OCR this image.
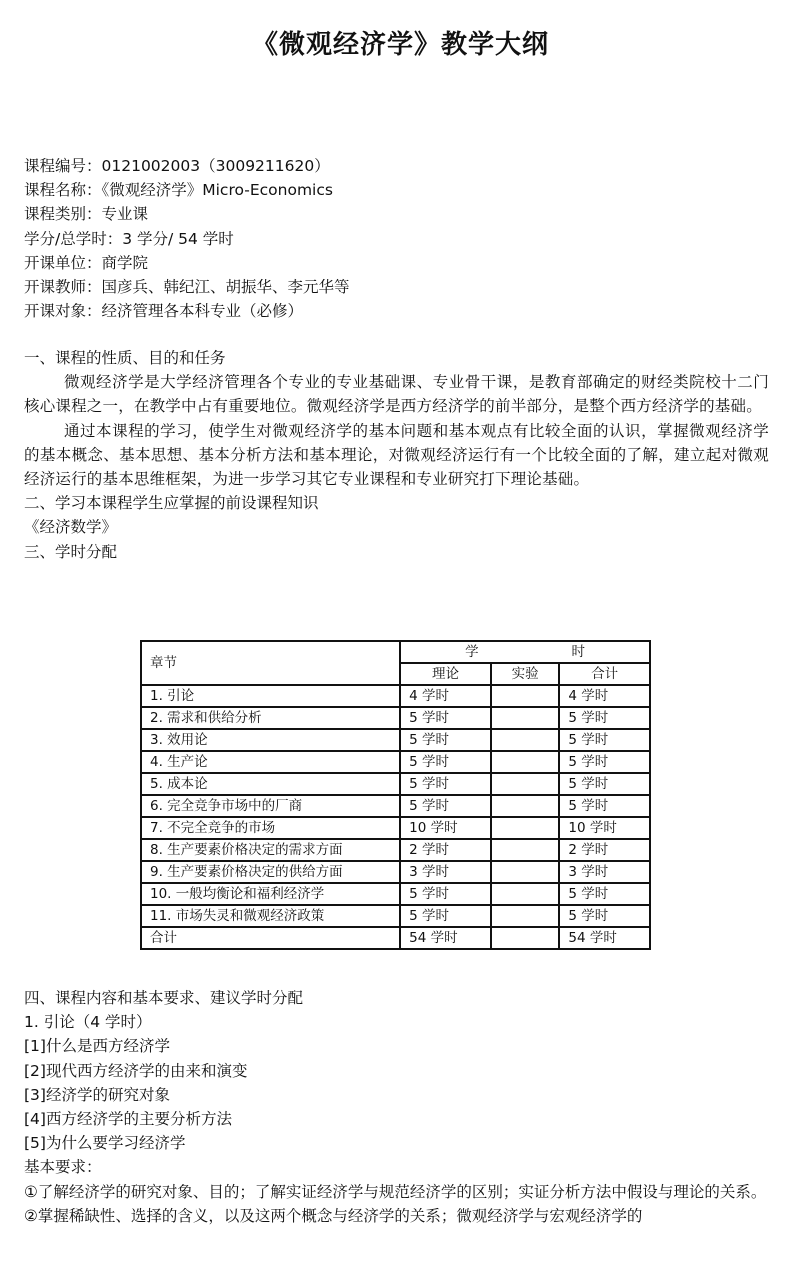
《微观经济学》教学大纲
课程编号：0121002003（3009211620）
课程名称：《微观经济学》Micro-Economics
课程类别：专业课
学分/总学时：3 学分/ 54 学时
开课单位：商学院
开课教师：国彦兵、韩纪江、胡振华、李元华等
开课对象：经济管理各本科专业（必修）
一、课程的性质、目的和任务
微观经济学是大学经济管理各个专业的专业基础课、专业骨干课，是教育部确定的财经类院校十二门核心课程之一，在教学中占有重要地位。微观经济学是西方经济学的前半部分，是整个西方经济学的基础。
通过本课程的学习，使学生对微观经济学的基本问题和基本观点有比较全面的认识，掌握微观经济学的基本概念、基本思想、基本分析方法和基本理论，对微观经济运行有一个比较全面的了解，建立起对微观经济运行的基本思维框架，为进一步学习其它专业课程和专业研究打下理论基础。
二、学习本课程学生应掌握的前设课程知识
《经济数学》
三、学时分配
章节	学 时		

	理论	实验	合计
1. 引论	4 学时		4 学时
2. 需求和供给分析	5 学时		5 学时
3. 效用论	5 学时		5 学时
4. 生产论	5 学时		5 学时
5. 成本论	5 学时		5 学时
6. 完全竞争市场中的厂商	5 学时		5 学时
7. 不完全竞争的市场	10 学时		10 学时
8. 生产要素价格决定的需求方面	2 学时		2 学时
9. 生产要素价格决定的供给方面	3 学时		3 学时
10. 一般均衡论和福利经济学	5 学时		5 学时
11. 市场失灵和微观经济政策	5 学时		5 学时
合计	54 学时		54 学时
四、课程内容和基本要求、建议学时分配
1. 引论（4 学时）
[1]什么是西方经济学
[2]现代西方经济学的由来和演变
[3]经济学的研究对象
[4]西方经济学的主要分析方法
[5]为什么要学习经济学
基本要求：
①了解经济学的研究对象、目的；了解实证经济学与规范经济学的区别；实证分析方法中假设与理论的关系。
②掌握稀缺性、选择的含义，以及这两个概念与经济学的关系；微观经济学与宏观经济学的
